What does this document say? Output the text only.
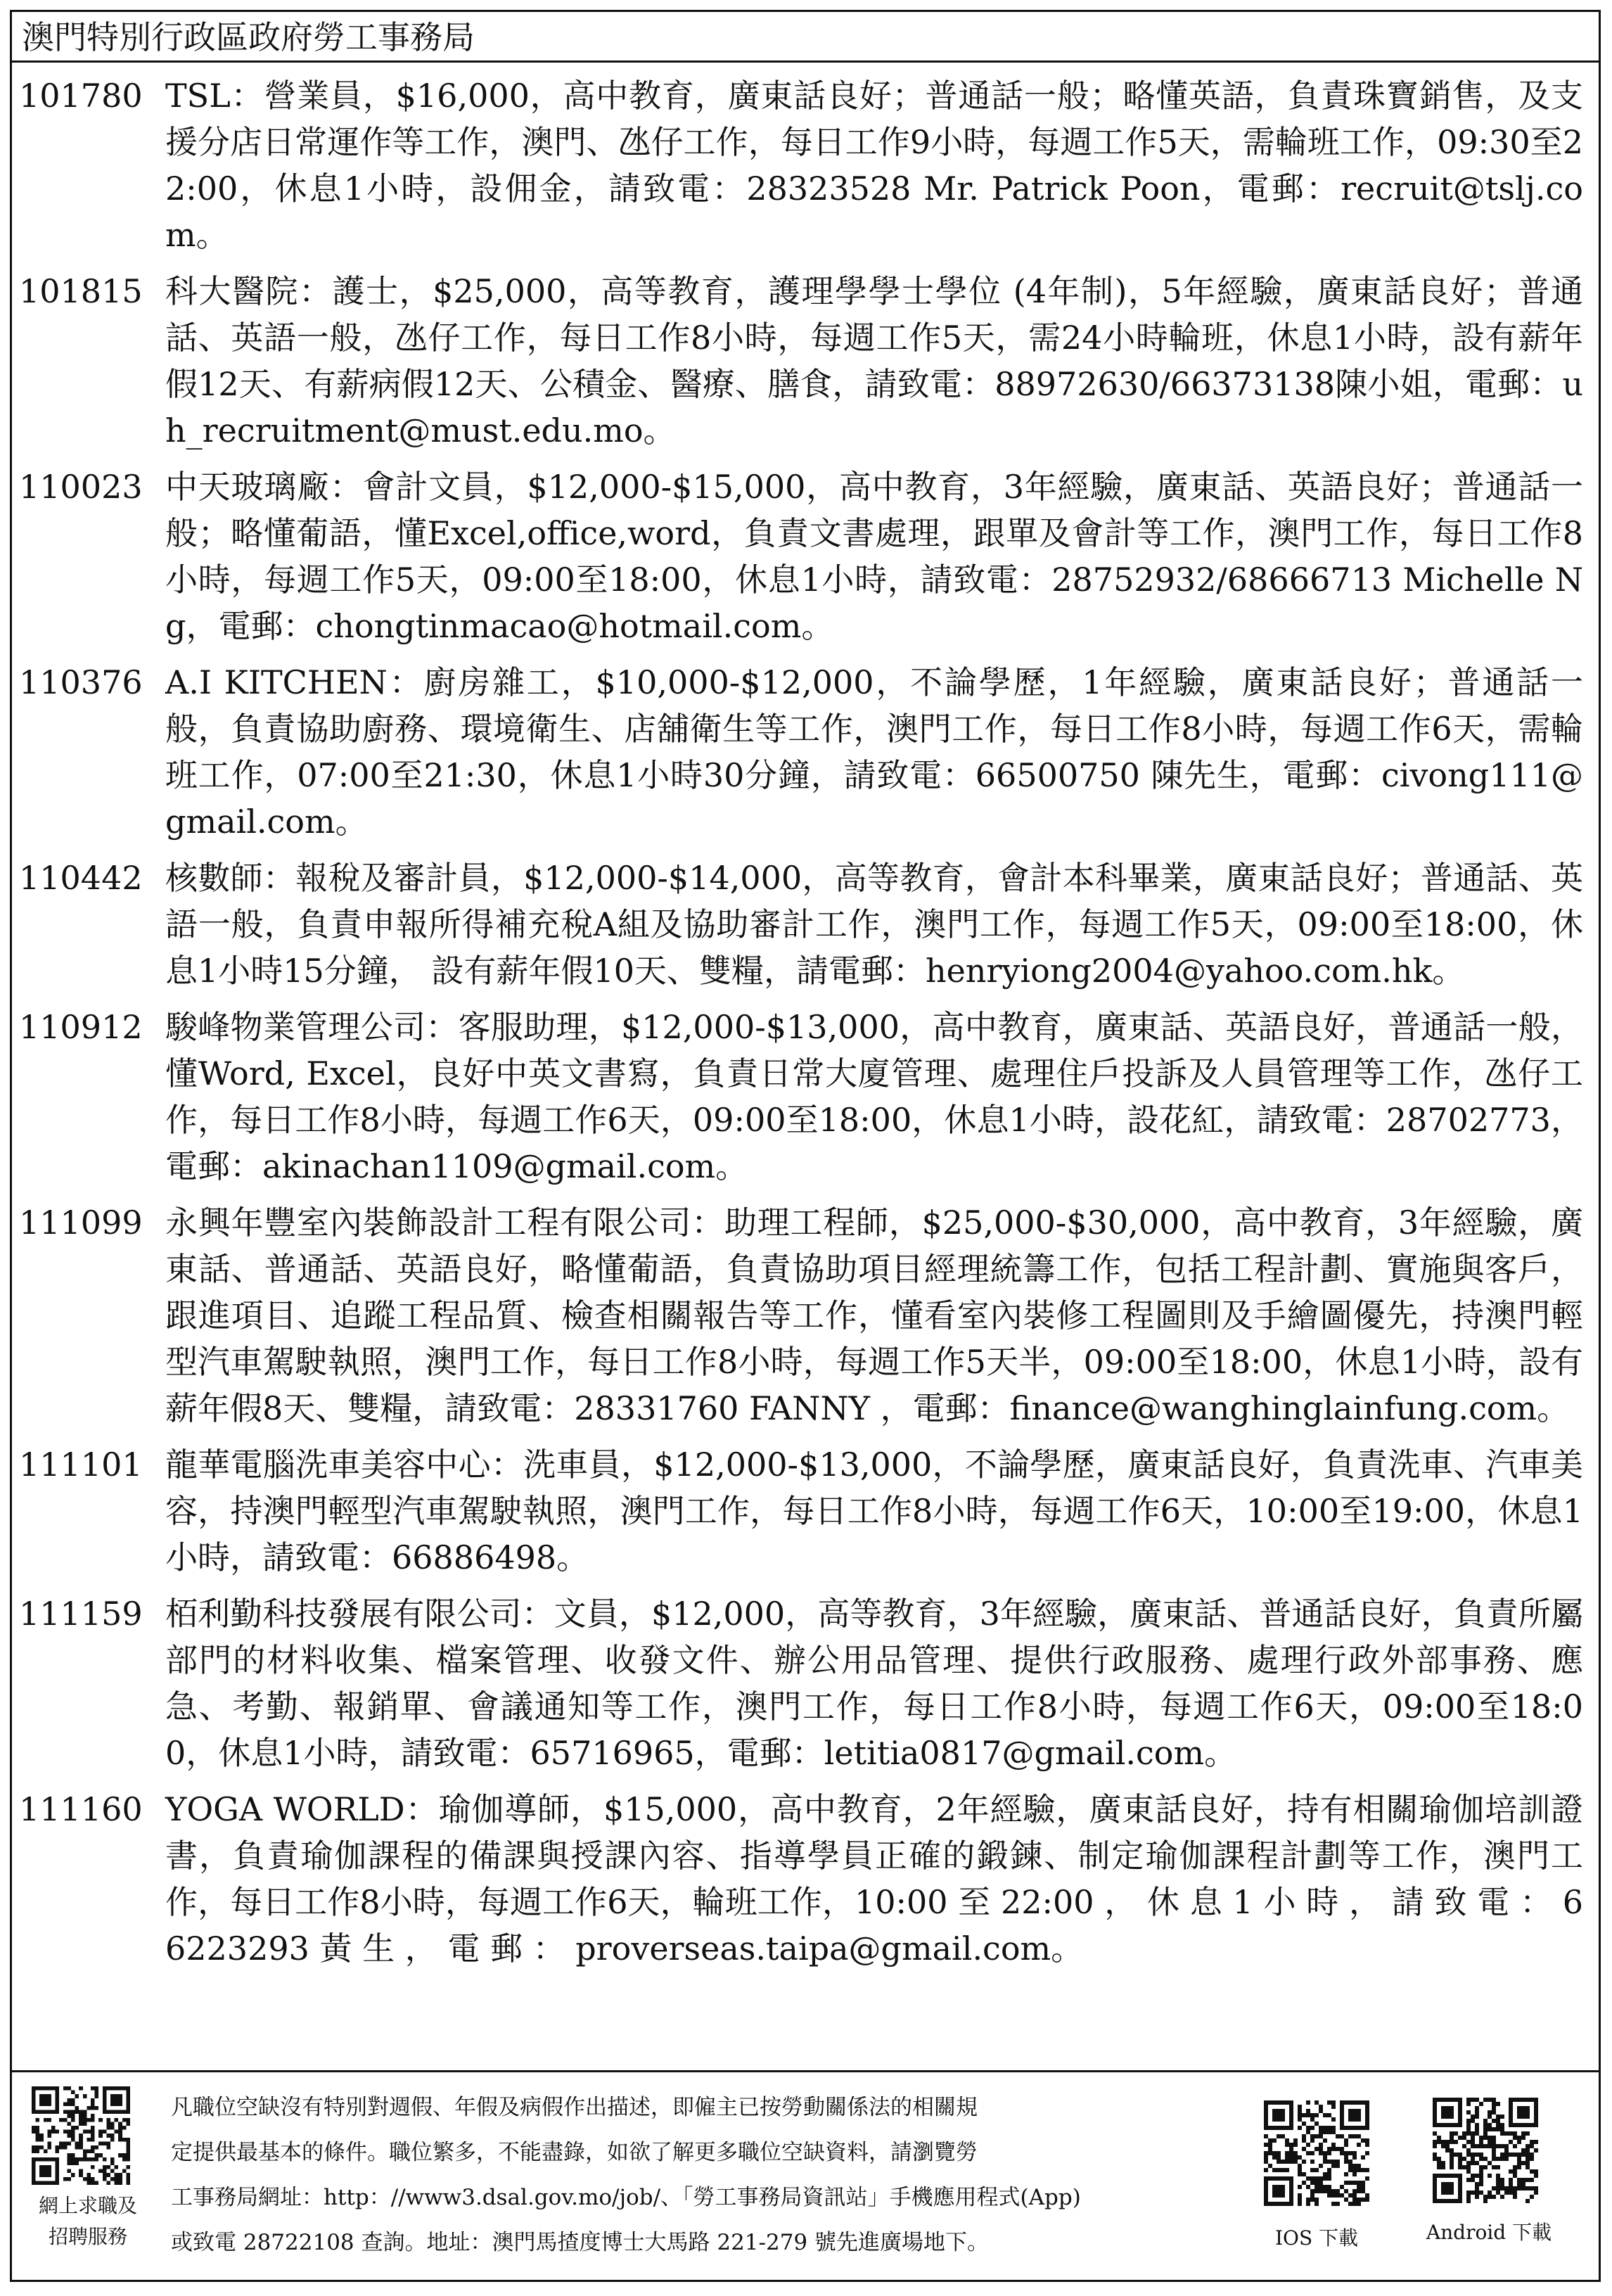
澳門特別行政區政府勞工事務局
101780 TSL：營業員，$16,000，高中教育，廣東話良好；普通話一般；略懂英語，負責珠寶銷售，及支援分店日常運作等工作，澳門、氹仔工作，每日工作9小時，每週工作5天，需輪班工作，09:30至22:00，休息1小時，設佣金，請致電：28323528 Mr. Patrick Poon，電郵：recruit@tslj.com。
101815 科大醫院：護士，$25,000，高等教育，護理學學士學位 (4年制)，5年經驗，廣東話良好；普通話、英語一般，氹仔工作，每日工作8小時，每週工作5天，需24小時輪班，休息1小時，設有薪年假12天、有薪病假12天、公積金、醫療、膳食，請致電：88972630/66373138陳小姐，電郵：uh_recruitment@must.edu.mo。
110023 中天玻璃廠：會計文員，$12,000-$15,000，高中教育，3年經驗，廣東話、英語良好；普通話一般；略懂葡語，懂Excel,office,word，負責文書處理，跟單及會計等工作，澳門工作，每日工作8小時，每週工作5天，09:00至18:00，休息1小時，請致電：28752932/68666713 Michelle Ng，電郵：chongtinmacao@hotmail.com。
110376 A.I KITCHEN：廚房雜工，$10,000-$12,000，不論學歷，1年經驗，廣東話良好；普通話一般，負責協助廚務、環境衛生、店舖衛生等工作，澳門工作，每日工作8小時，每週工作6天，需輪班工作，07:00至21:30，休息1小時30分鐘，請致電：66500750 陳先生，電郵：civong111@gmail.com。
110442 核數師：報稅及審計員，$12,000-$14,000，高等教育，會計本科畢業，廣東話良好；普通話、英語一般，負責申報所得補充稅A組及協助審計工作，澳門工作，每週工作5天，09:00至18:00，休息1小時15分鐘， 設有薪年假10天、雙糧，請電郵：henryiong2004@yahoo.com.hk。
110912 駿峰物業管理公司：客服助理，$12,000-$13,000，高中教育，廣東話、英語良好，普通話一般，懂Word, Excel，良好中英文書寫，負責日常大廈管理、處理住戶投訴及人員管理等工作，氹仔工作，每日工作8小時，每週工作6天，09:00至18:00，休息1小時，設花紅，請致電：28702773，電郵：akinachan1109@gmail.com。
111099 永興年豐室內裝飾設計工程有限公司：助理工程師，$25,000-$30,000，高中教育，3年經驗，廣東話、普通話、英語良好，略懂葡語，負責協助項目經理統籌工作，包括工程計劃、實施與客戶，跟進項目、追蹤工程品質、檢查相關報告等工作，懂看室內裝修工程圖則及手繪圖優先，持澳門輕型汽車駕駛執照，澳門工作，每日工作8小時，每週工作5天半，09:00至18:00，休息1小時，設有薪年假8天、雙糧，請致電：28331760 FANNY ，電郵：finance@wanghinglainfung.com。
111101 龍華電腦洗車美容中心：洗車員，$12,000-$13,000，不論學歷，廣東話良好，負責洗車、汽車美容，持澳門輕型汽車駕駛執照，澳門工作，每日工作8小時，每週工作6天，10:00至19:00，休息1小時，請致電：66886498。
111159 栢利勤科技發展有限公司：文員，$12,000，高等教育，3年經驗，廣東話、普通話良好，負責所屬部門的材料收集、檔案管理、收發文件、辦公用品管理、提供行政服務、處理行政外部事務、應急、考勤、報銷單、會議通知等工作，澳門工作，每日工作8小時，每週工作6天，09:00至18:00，休息1小時，請致電：65716965，電郵：letitia0817@gmail.com。
111160 YOGA WORLD：瑜伽導師，$15,000，高中教育，2年經驗，廣東話良好，持有相關瑜伽培訓證書，負責瑜伽課程的備課與授課內容、指導學員正確的鍛鍊、制定瑜伽課程計劃等工作，澳門工作，每日工作8小時，每週工作6天，輪班工作，10:00 至 22:00 ， 休 息 1 小 時 ， 請 致 電 ： 66223293 黃 生 ， 電 郵 ： proverseas.taipa@gmail.com。
網上求職及
招聘服務
凡職位空缺沒有特別對週假、年假及病假作出描述，即僱主已按勞動關係法的相關規
定提供最基本的條件。職位繁多，不能盡錄，如欲了解更多職位空缺資料，請瀏覽勞
工事務局網址：http：//www3.dsal.gov.mo/job/、「勞工事務局資訊站」手機應用程式(App)
或致電 28722108 查詢。地址：澳門馬揸度博士大馬路 221-279 號先進廣場地下。	IOS 下載	Android 下載
